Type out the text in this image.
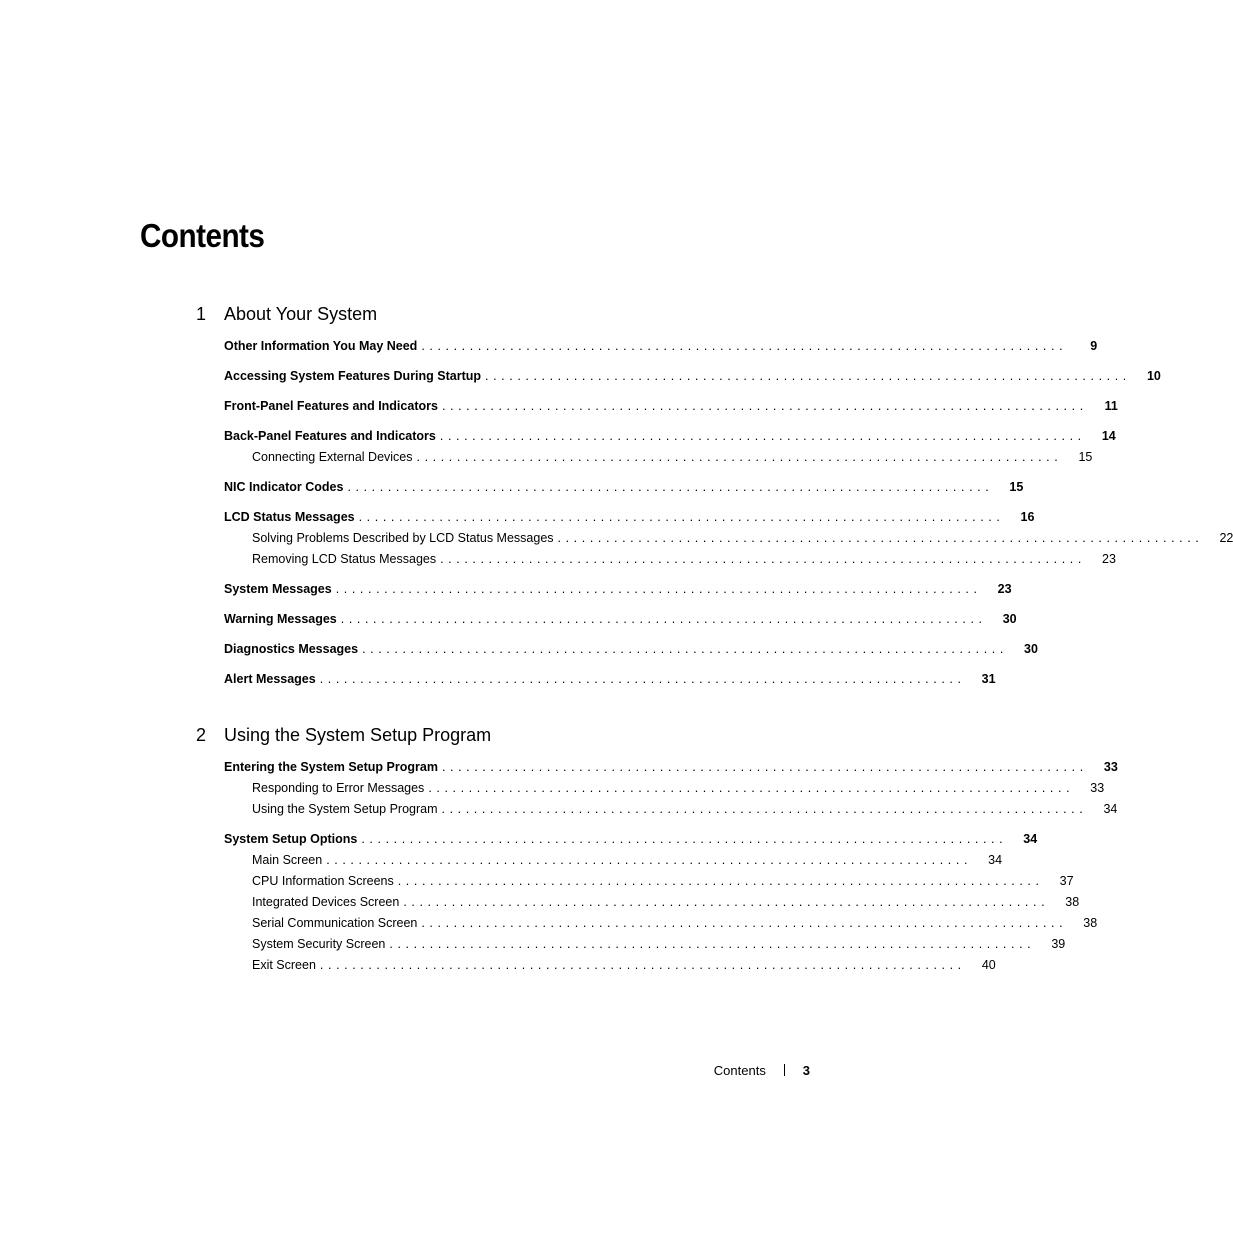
Contents
1 About Your System
Other Information You May Need ................................................................................	9
Accessing System Features During Startup ................................................................................	10
Front-Panel Features and Indicators ................................................................................	11
Back-Panel Features and Indicators ................................................................................	14
Connecting External Devices ................................................................................	15
NIC Indicator Codes ................................................................................	15
LCD Status Messages ................................................................................	16
Solving Problems Described by LCD Status Messages ................................................................................	22
Removing LCD Status Messages ................................................................................	23
System Messages ................................................................................	23
Warning Messages ................................................................................	30
Diagnostics Messages ................................................................................	30
Alert Messages ................................................................................	31
2 Using the System Setup Program
Entering the System Setup Program ................................................................................	33
Responding to Error Messages ................................................................................	33
Using the System Setup Program ................................................................................	34
System Setup Options ................................................................................	34
Main Screen ................................................................................	34
CPU Information Screens ................................................................................	37
Integrated Devices Screen ................................................................................	38
Serial Communication Screen ................................................................................	38
System Security Screen ................................................................................	39
Exit Screen ................................................................................	40
Contents	3
